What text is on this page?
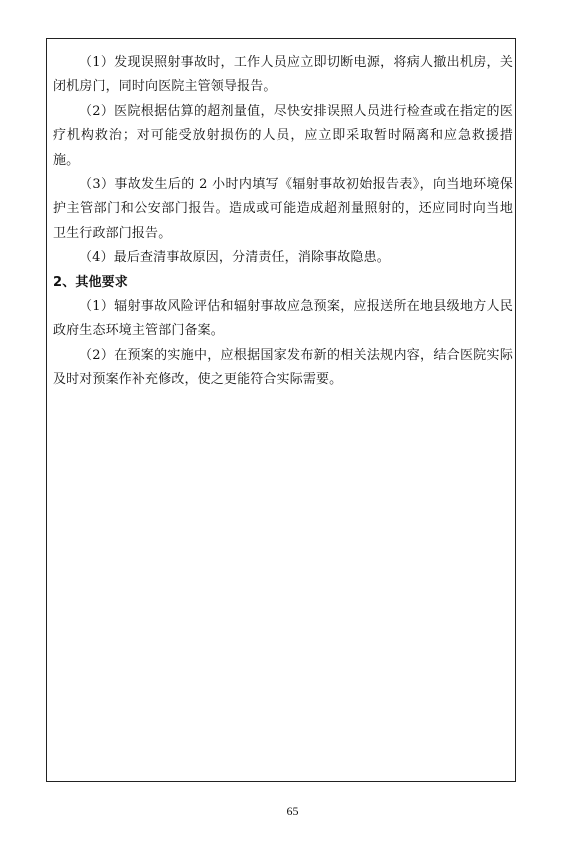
（1）发现误照射事故时，工作人员应立即切断电源，将病人撤出机房，关闭机房门，同时向医院主管领导报告。

（2）医院根据估算的超剂量值，尽快安排误照人员进行检查或在指定的医疗机构救治；对可能受放射损伤的人员，应立即采取暂时隔离和应急救援措施。

（3）事故发生后的 2 小时内填写《辐射事故初始报告表》，向当地环境保护主管部门和公安部门报告。造成或可能造成超剂量照射的，还应同时向当地卫生行政部门报告。

（4）最后查清事故原因，分清责任，消除事故隐患。

2、其他要求

（1）辐射事故风险评估和辐射事故应急预案，应报送所在地县级地方人民政府生态环境主管部门备案。

（2）在预案的实施中，应根据国家发布新的相关法规内容，结合医院实际及时对预案作补充修改，使之更能符合实际需要。

65
